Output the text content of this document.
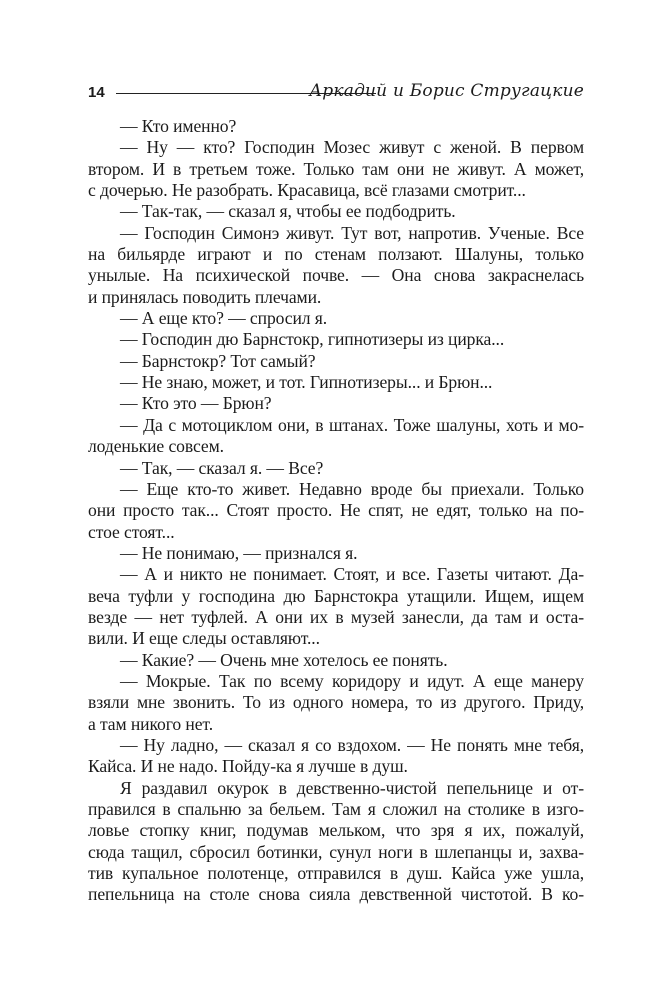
14	Аркадий и Борис Стругацкие
— Кто именно?
— Ну — кто? Господин Мозес живут с женой. В первом
втором. И в третьем тоже. Только там они не живут. А может,
с дочерью. Не разобрать. Красавица, всё глазами смотрит...
— Так-так, — сказал я, чтобы ее подбодрить.
— Господин Симонэ живут. Тут вот, напротив. Ученые. Все
на бильярде играют и по стенам ползают. Шалуны, только
унылые. На психической почве. — Она снова закраснелась
и принялась поводить плечами.
— А еще кто? — спросил я.
— Господин дю Барнстокр, гипнотизеры из цирка...
— Барнстокр? Тот самый?
— Не знаю, может, и тот. Гипнотизеры... и Брюн...
— Кто это — Брюн?
— Да с мотоциклом они, в штанах. Тоже шалуны, хоть и мо-
лоденькие совсем.
— Так, — сказал я. — Все?
— Еще кто-то живет. Недавно вроде бы приехали. Только
они просто так... Стоят просто. Не спят, не едят, только на по-
стое стоят...
— Не понимаю, — признался я.
— А и никто не понимает. Стоят, и все. Газеты читают. Да-
веча туфли у господина дю Барнстокра утащили. Ищем, ищем
везде — нет туфлей. А они их в музей занесли, да там и оста-
вили. И еще следы оставляют...
— Какие? — Очень мне хотелось ее понять.
— Мокрые. Так по всему коридору и идут. А еще манеру
взяли мне звонить. То из одного номера, то из другого. Приду,
а там никого нет.
— Ну ладно, — сказал я со вздохом. — Не понять мне тебя,
Кайса. И не надо. Пойду-ка я лучше в душ.
Я раздавил окурок в девственно-чистой пепельнице и от-
правился в спальню за бельем. Там я сложил на столике в изго-
ловье стопку книг, подумав мельком, что зря я их, пожалуй,
сюда тащил, сбросил ботинки, сунул ноги в шлепанцы и, захва-
тив купальное полотенце, отправился в душ. Кайса уже ушла,
пепельница на столе снова сияла девственной чистотой. В ко-
